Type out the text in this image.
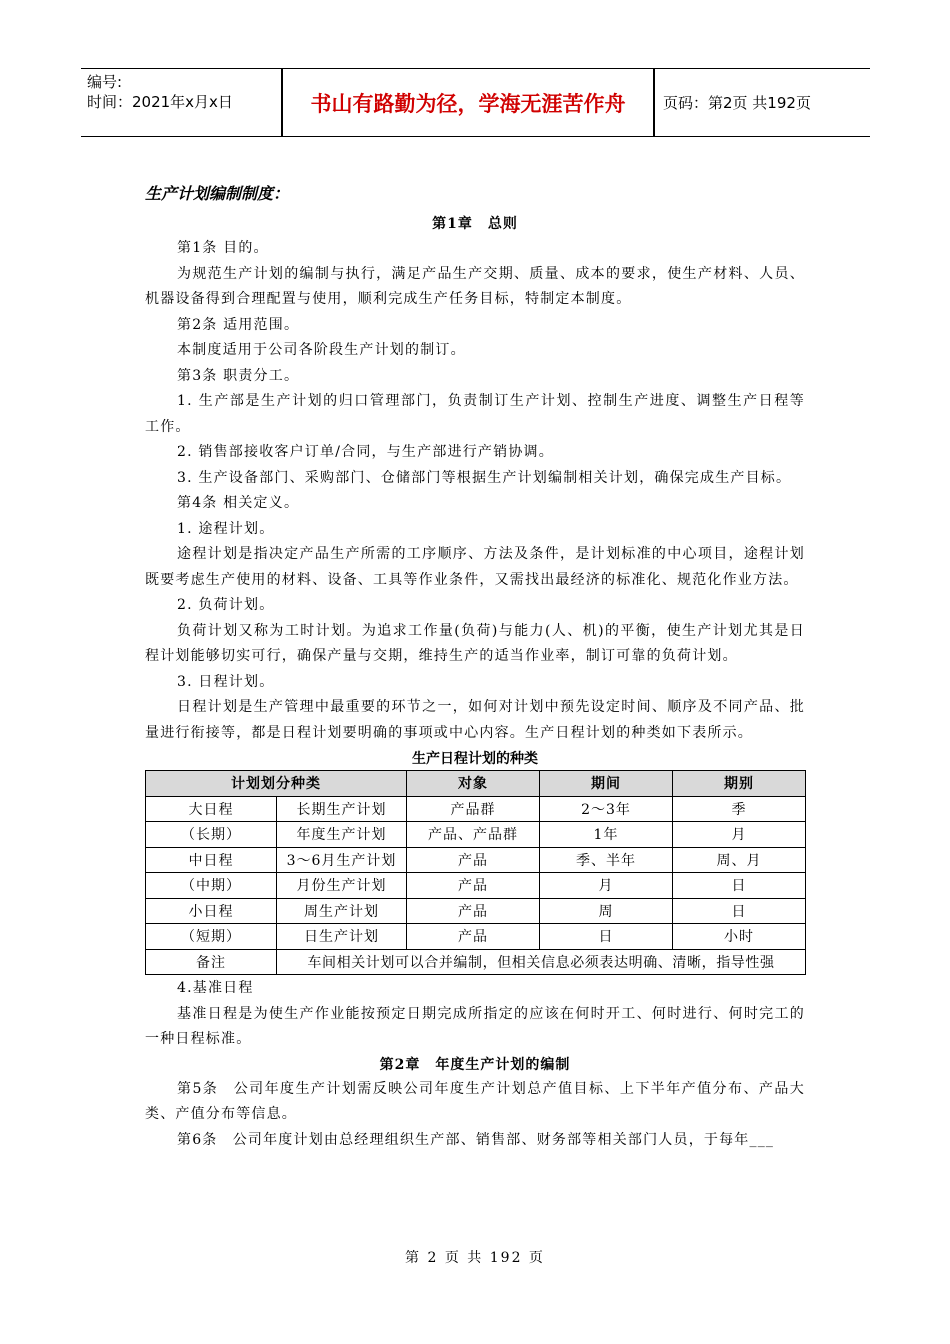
编号:
时间：2021年x月x日	书山有路勤为径，学海无涯苦作舟	页码：第2页 共192页
生产计划编制制度：
第1章　总则

第1条 目的。

为规范生产计划的编制与执行，满足产品生产交期、质量、成本的要求，使生产材料、人员、机器设备得到合理配置与使用，顺利完成生产任务目标，特制定本制度。

第2条 适用范围。

本制度适用于公司各阶段生产计划的制订。

第3条 职责分工。

1. 生产部是生产计划的归口管理部门，负责制订生产计划、控制生产进度、调整生产日程等工作。

2. 销售部接收客户订单/合同，与生产部进行产销协调。

3. 生产设备部门、采购部门、仓储部门等根据生产计划编制相关计划，确保完成生产目标。

第4条 相关定义。

1. 途程计划。

途程计划是指决定产品生产所需的工序顺序、方法及条件，是计划标准的中心项目，途程计划既要考虑生产使用的材料、设备、工具等作业条件，又需找出最经济的标准化、规范化作业方法。

2. 负荷计划。

负荷计划又称为工时计划。为追求工作量(负荷)与能力(人、机)的平衡，使生产计划尤其是日程计划能够切实可行，确保产量与交期，维持生产的适当作业率，制订可靠的负荷计划。

3. 日程计划。

日程计划是生产管理中最重要的环节之一，如何对计划中预先设定时间、顺序及不同产品、批量进行衔接等，都是日程计划要明确的事项或中心内容。生产日程计划的种类如下表所示。

生产日程计划的种类
计划划分种类		对象	期间	期别
大日程	长期生产计划	产品群	2～3年	季
（长期）	年度生产计划	产品、产品群	1年	月
中日程	3～6月生产计划	产品	季、半年	周、月
（中期）	月份生产计划	产品	月	日
小日程	周生产计划	产品	周	日
（短期）	日生产计划	产品	日	小时
备注	车间相关计划可以合并编制，但相关信息必须表达明确、清晰，指导性强			

4.基准日程

基准日程是为使生产作业能按预定日期完成所指定的应该在何时开工、何时进行、何时完工的一种日程标准。

第2章　年度生产计划的编制

第5条　公司年度生产计划需反映公司年度生产计划总产值目标、上下半年产值分布、产品大类、产值分布等信息。

第6条　公司年度计划由总经理组织生产部、销售部、财务部等相关部门人员，于每年___

第 2 页 共 192 页
